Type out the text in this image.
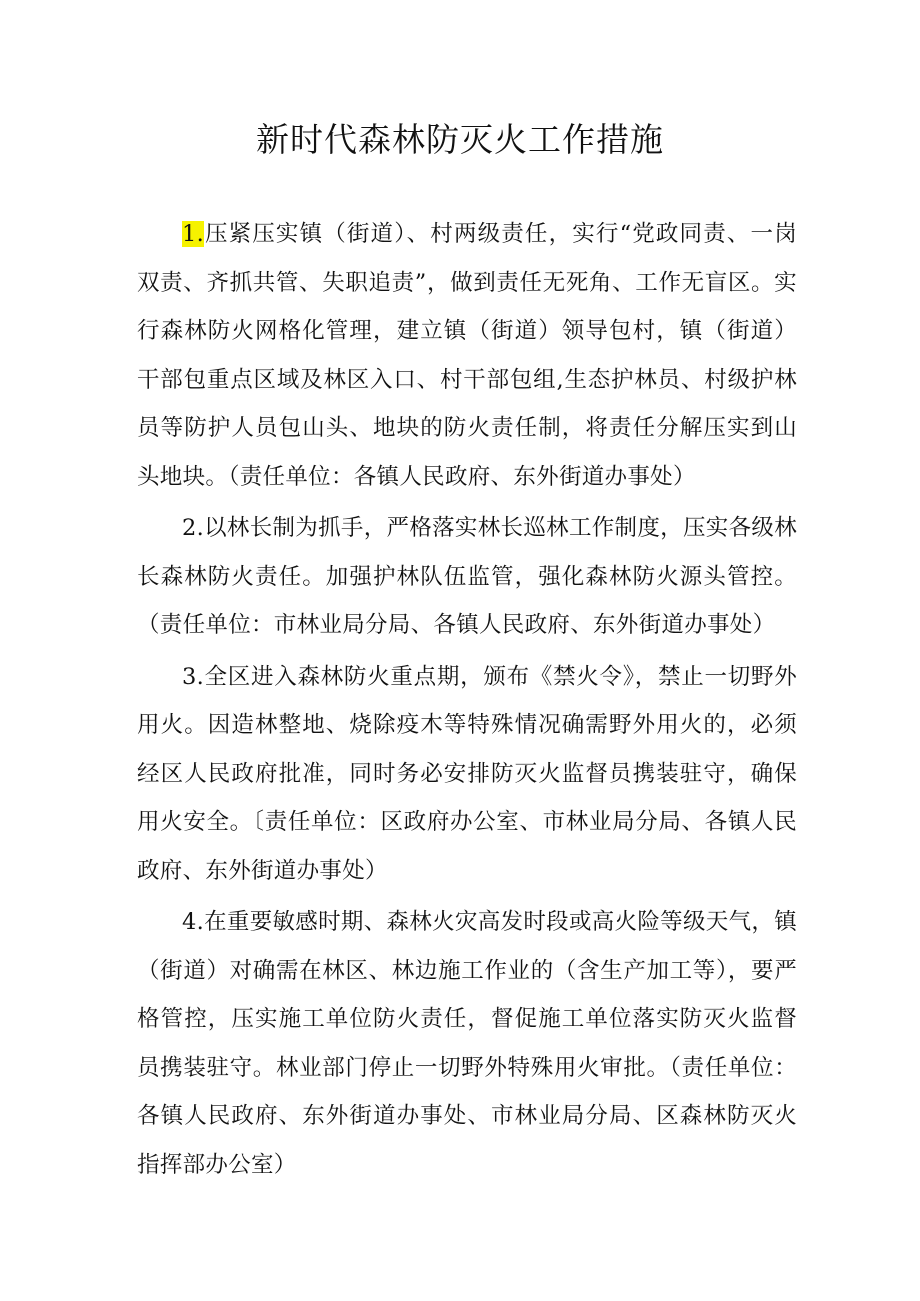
新时代森林防灭火工作措施

1.压紧压实镇（街道）、村两级责任，实行“党政同责、一岗双责、齐抓共管、失职追责”，做到责任无死角、工作无盲区。实行森林防火网格化管理，建立镇（街道）领导包村，镇（街道）干部包重点区域及林区入口、村干部包组,生态护林员、村级护林员等防护人员包山头、地块的防火责任制，将责任分解压实到山头地块。（责任单位：各镇人民政府、东外街道办事处）

2.以林长制为抓手，严格落实林长巡林工作制度，压实各级林长森林防火责任。加强护林队伍监管，强化森林防火源头管控。（责任单位：市林业局分局、各镇人民政府、东外街道办事处）

3.全区进入森林防火重点期，颁布《禁火令》，禁止一切野外用火。因造林整地、烧除疫木等特殊情况确需野外用火的，必须经区人民政府批准，同时务必安排防灭火监督员携装驻守，确保用火安全。〔责任单位：区政府办公室、市林业局分局、各镇人民政府、东外街道办事处）

4.在重要敏感时期、森林火灾高发时段或高火险等级天气，镇（街道）对确需在林区、林边施工作业的（含生产加工等），要严格管控，压实施工单位防火责任，督促施工单位落实防灭火监督员携装驻守。林业部门停止一切野外特殊用火审批。（责任单位：各镇人民政府、东外街道办事处、市林业局分局、区森林防灭火指挥部办公室）
